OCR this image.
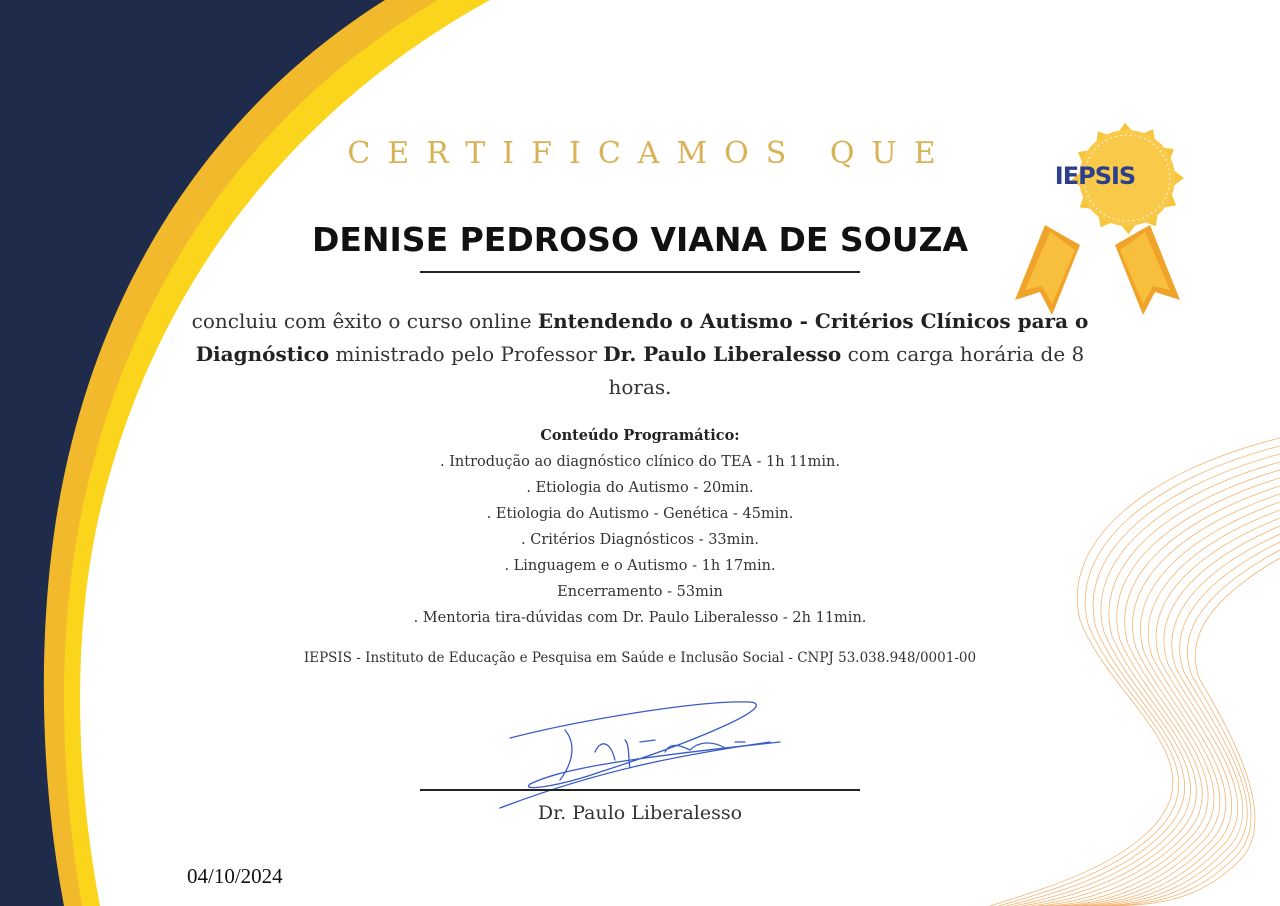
CERTIFICAMOS QUE
DENISE PEDROSO VIANA DE SOUZA
concluiu com êxito o curso online Entendendo o Autismo - Critérios Clínicos para o Diagnóstico ministrado pelo Professor Dr. Paulo Liberalesso com carga horária de 8 horas.
Conteúdo Programático:
. Introdução ao diagnóstico clínico do TEA - 1h 11min.
. Etiologia do Autismo - 20min.
. Etiologia do Autismo - Genética - 45min.
. Critérios Diagnósticos - 33min.
. Linguagem e o Autismo - 1h 17min.
Encerramento - 53min
. Mentoria tira-dúvidas com Dr. Paulo Liberalesso - 2h 11min.
IEPSIS - Instituto de Educação e Pesquisa em Saúde e Inclusão Social - CNPJ 53.038.948/0001-00
Dr. Paulo Liberalesso
04/10/2024
IEPSIS
